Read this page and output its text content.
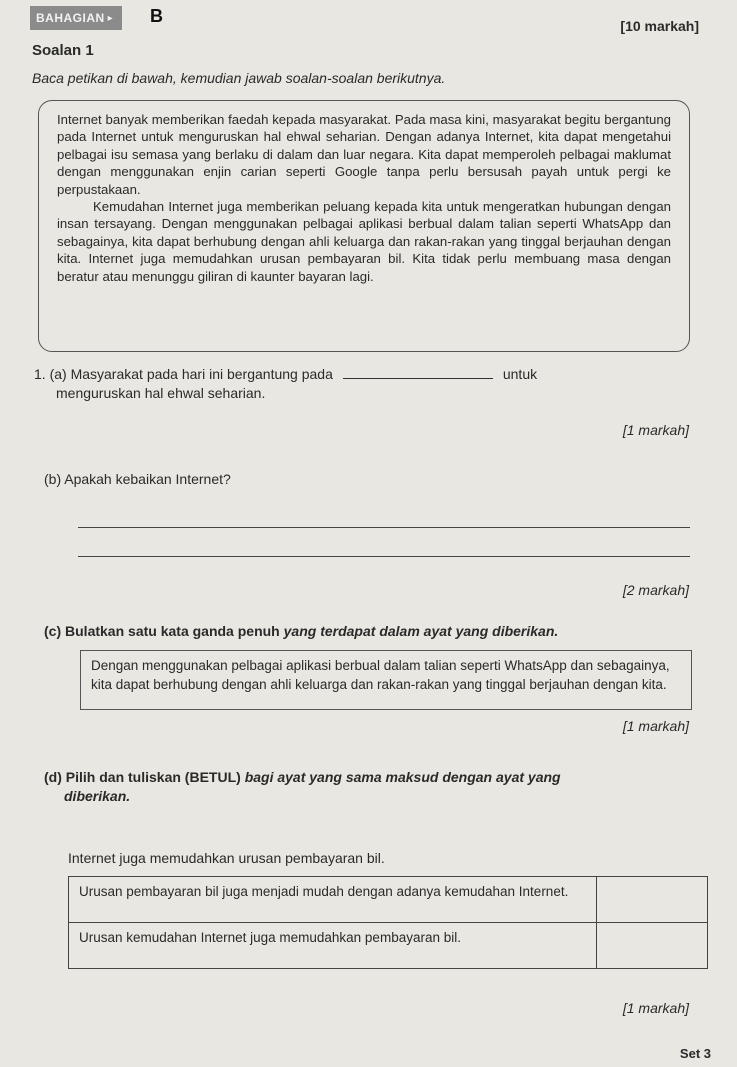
BAHAGIAN ▸ B	[10 markah]
Soalan 1
Baca petikan di bawah, kemudian jawab soalan-soalan berikutnya.

Internet banyak memberikan faedah kepada masyarakat. Pada masa kini, masyarakat begitu bergantung pada Internet untuk menguruskan hal ehwal seharian. Dengan adanya Internet, kita dapat mengetahui pelbagai isu semasa yang berlaku di dalam dan luar negara. Kita dapat memperoleh pelbagai maklumat dengan menggunakan enjin carian seperti Google tanpa perlu bersusah payah untuk pergi ke perpustakaan.

Kemudahan Internet juga memberikan peluang kepada kita untuk mengeratkan hubungan dengan insan tersayang. Dengan menggunakan pelbagai aplikasi berbual dalam talian seperti WhatsApp dan sebagainya, kita dapat berhubung dengan ahli keluarga dan rakan-rakan yang tinggal berjauhan dengan kita. Internet juga memudahkan urusan pembayaran bil. Kita tidak perlu membuang masa dengan beratur atau menunggu giliran di kaunter bayaran lagi.

1. (a) Masyarakat pada hari ini bergantung pada	untuk
menguruskan hal ehwal seharian.
[1 markah]
(b) Apakah kebaikan Internet?
[2 markah]
(c) Bulatkan satu kata ganda penuh yang terdapat dalam ayat yang diberikan.
Dengan menggunakan pelbagai aplikasi berbual dalam talian seperti WhatsApp dan sebagainya, kita dapat berhubung dengan ahli keluarga dan rakan-rakan yang tinggal berjauhan dengan kita.
[1 markah]
(d) Pilih dan tuliskan (BETUL) bagi ayat yang sama maksud dengan ayat yang
diberikan.
Internet juga memudahkan urusan pembayaran bil.
Urusan pembayaran bil juga menjadi mudah dengan adanya kemudahan Internet.	
Urusan kemudahan Internet juga memudahkan pembayaran bil.	
[1 markah]
Set 3
